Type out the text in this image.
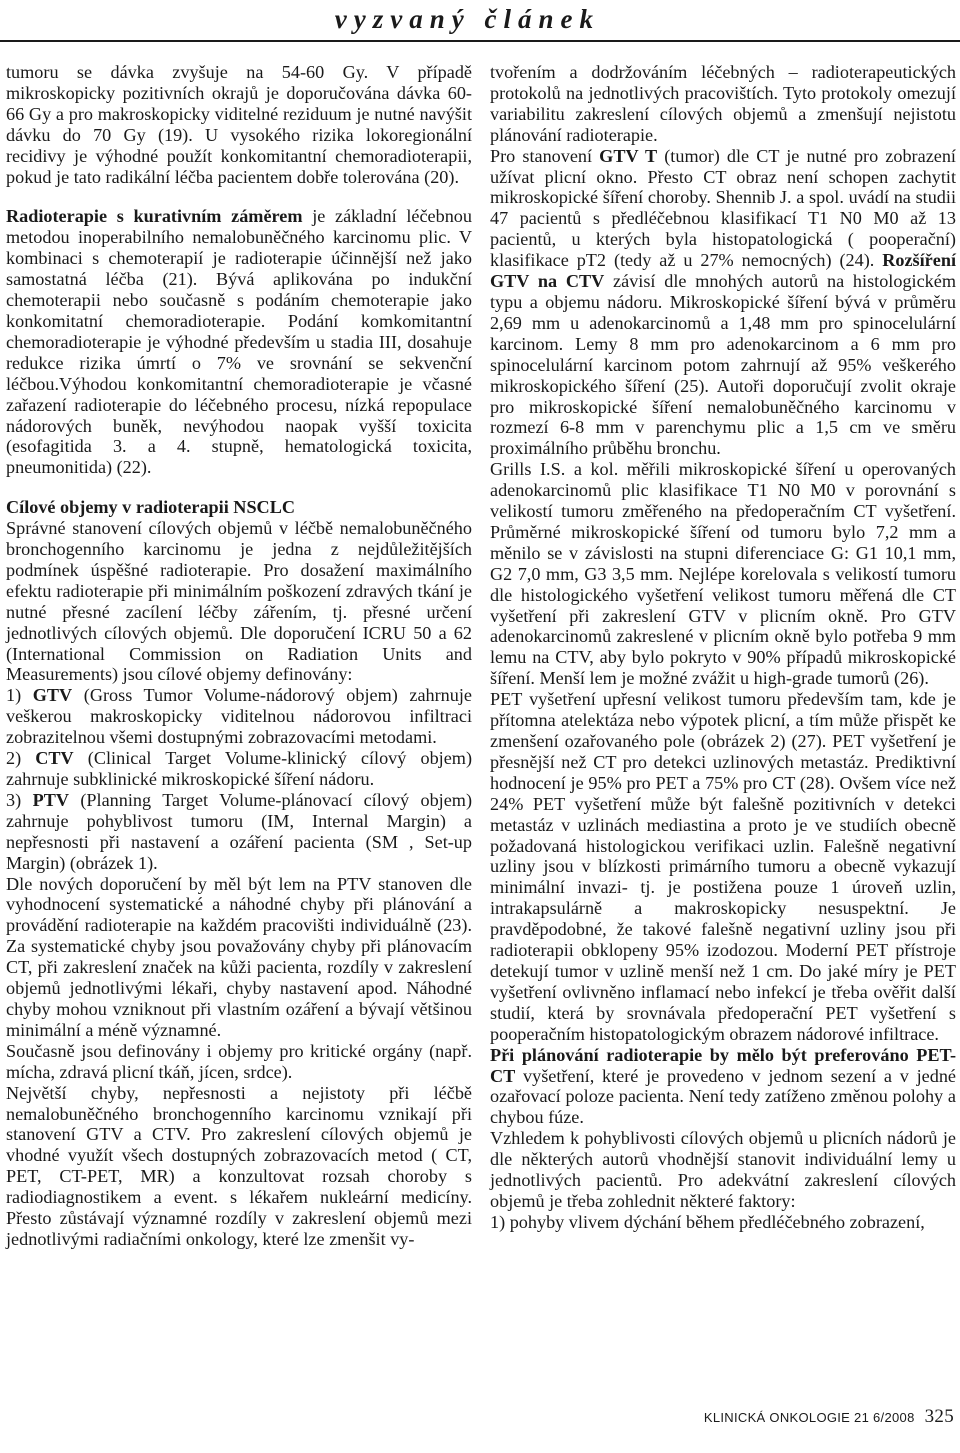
vyzvaný článek

tumoru se dávka zvyšuje na 54-60 Gy. V případě mikroskopicky pozitivních okrajů je doporučována dávka 60-66 Gy a pro makroskopicky viditelné reziduum je nutné navýšit dávku do 70 Gy (19). U vysokého rizika lokoregionální recidivy je výhodné použít konkomitantní chemoradioterapii, pokud je tato radikální léčba pacientem dobře tolerována (20).

Radioterapie s kurativním záměrem je základní léčebnou metodou inoperabilního nemalobuněčného karcinomu plic. V kombinaci s chemoterapií je radioterapie účinnější než jako samostatná léčba (21). Bývá aplikována po indukční chemoterapii nebo současně s podáním chemoterapie jako konkomitatní chemoradioterapie. Podání komkomitantní chemoradioterapie je výhodné především u stadia III, dosahuje redukce rizika úmrtí o 7% ve srovnání se sekvenční léčbou.Výhodou konkomitantní chemoradioterapie je včasné zařazení radioterapie do léčebného procesu, nízká repopulace nádorových buněk, nevýhodou naopak vyšší toxicita (esofagitida 3. a 4. stupně, hematologická toxicita, pneumonitida) (22).

Cílové objemy v radioterapii NSCLC

Správné stanovení cílových objemů v léčbě nemalobuněčného bronchogenního karcinomu je jedna z nejdůležitějších podmínek úspěšné radioterapie. Pro dosažení maximálního efektu radioterapie při minimálním poškození zdravých tkání je nutné přesné zacílení léčby zářením, tj. přesné určení jednotlivých cílových objemů. Dle doporučení ICRU 50 a 62 (International Commission on Radiation Units and Measurements) jsou cílové objemy definovány:

1) GTV (Gross Tumor Volume-nádorový objem) zahrnuje veškerou makroskopicky viditelnou nádorovou infiltraci zobrazitelnou všemi dostupnými zobrazovacími metodami.

2) CTV (Clinical Target Volume-klinický cílový objem) zahrnuje subklinické mikroskopické šíření nádoru.

3) PTV (Planning Target Volume-plánovací cílový objem) zahrnuje pohyblivost tumoru (IM, Internal Margin) a nepřesnosti při nastavení a ozáření pacienta (SM , Set-up Margin) (obrázek 1).

Dle nových doporučení by měl být lem na PTV stanoven dle vyhodnocení systematické a náhodné chyby při plánování a provádění radioterapie na každém pracovišti individuálně (23). Za systematické chyby jsou považovány chyby při plánovacím CT, při zakreslení značek na kůži pacienta, rozdíly v zakreslení objemů jednotlivými lékaři, chyby nastavení apod. Náhodné chyby mohou vzniknout při vlastním ozáření a bývají většinou minimální a méně významné.

Současně jsou definovány i objemy pro kritické orgány (např. mícha, zdravá plicní tkáň, jícen, srdce).

Největší chyby, nepřesnosti a nejistoty při léčbě nemalobuněčného bronchogenního karcinomu vznikají při stanovení GTV a CTV. Pro zakreslení cílových objemů je vhodné využít všech dostupných zobrazovacích metod ( CT, PET, CT-PET, MR) a konzultovat rozsah choroby s radiodiagnostikem a event. s lékařem nukleární medicíny. Přesto zůstávají významné rozdíly v zakreslení objemů mezi jednotlivými radiačními onkology, které lze zmenšit vy-

tvořením a dodržováním léčebných – radioterapeutických protokolů na jednotlivých pracovištích. Tyto protokoly omezují variabilitu zakreslení cílových objemů a zmenšují nejistotu plánování radioterapie.

Pro stanovení GTV T (tumor) dle CT je nutné pro zobrazení užívat plicní okno. Přesto CT obraz není schopen zachytit mikroskopické šíření choroby. Shennib J. a spol. uvádí na studii 47 pacientů s předléčebnou klasifikací T1 N0 M0 až 13 pacientů, u kterých byla histopatologická ( pooperační) klasifikace pT2 (tedy až u 27% nemocných) (24). Rozšíření GTV na CTV závisí dle mnohých autorů na histologickém typu a objemu nádoru. Mikroskopické šíření bývá v průměru 2,69 mm u adenokarcinomů a 1,48 mm pro spinocelulární karcinom. Lemy 8 mm pro adenokarcinom a 6 mm pro spinocelulární karcinom potom zahrnují až 95% veškerého mikroskopického šíření (25). Autoři doporučují zvolit okraje pro mikroskopické šíření nemalobuněčného karcinomu v rozmezí 6-8 mm v parenchymu plic a 1,5 cm ve směru proximálního průběhu bronchu.

Grills I.S. a kol. měřili mikroskopické šíření u operovaných adenokarcinomů plic klasifikace T1 N0 M0 v porovnání s velikostí tumoru změřeného na předoperačním CT vyšetření. Průměrné mikroskopické šíření od tumoru bylo 7,2 mm a měnilo se v závislosti na stupni diferenciace G: G1 10,1 mm, G2 7,0 mm, G3 3,5 mm. Nejlépe korelovala s velikostí tumoru dle histologického vyšetření velikost tumoru měřená dle CT vyšetření při zakreslení GTV v plicním okně. Pro GTV adenokarcinomů zakreslené v plicním okně bylo potřeba 9 mm lemu na CTV, aby bylo pokryto v 90% případů mikroskopické šíření. Menší lem je možné zvážit u high-grade tumorů (26).

PET vyšetření upřesní velikost tumoru především tam, kde je přítomna atelektáza nebo výpotek plicní, a tím může přispět ke zmenšení ozařovaného pole (obrázek 2) (27). PET vyšetření je přesnější než CT pro detekci uzlinových metastáz. Prediktivní hodnocení je 95% pro PET a 75% pro CT (28). Ovšem více než 24% PET vyšetření může být falešně pozitivních v detekci metastáz v uzlinách mediastina a proto je ve studiích obecně požadovaná histologickou verifikaci uzlin. Falešně negativní uzliny jsou v blízkosti primárního tumoru a obecně vykazují minimální invazi- tj. je postižena pouze 1 úroveň uzlin, intrakapsulárně a makroskopicky nesuspektní. Je pravděpodobné, že takové falešně negativní uzliny jsou při radioterapii obklopeny 95% izodozou. Moderní PET přístroje detekují tumor v uzlině menší než 1 cm. Do jaké míry je PET vyšetření ovlivněno inflamací nebo infekcí je třeba ověřit další studií, která by srovnávala předoperační PET vyšetření s pooperačním histopatologickým obrazem nádorové infiltrace.

Při plánování radioterapie by mělo být preferováno PET-CT vyšetření, které je provedeno v jednom sezení a v jedné ozařovací poloze pacienta. Není tedy zatíženo změnou polohy a chybou fúze.

Vzhledem k pohyblivosti cílových objemů u plicních nádorů je dle některých autorů vhodnější stanovit individuální lemy u jednotlivých pacientů. Pro adekvátní zakreslení cílových objemů je třeba zohlednit některé faktory:

1) pohyby vlivem dýchání během předléčebného zobrazení,

KLINICKÁ ONKOLOGIE 21 6/2008 325
